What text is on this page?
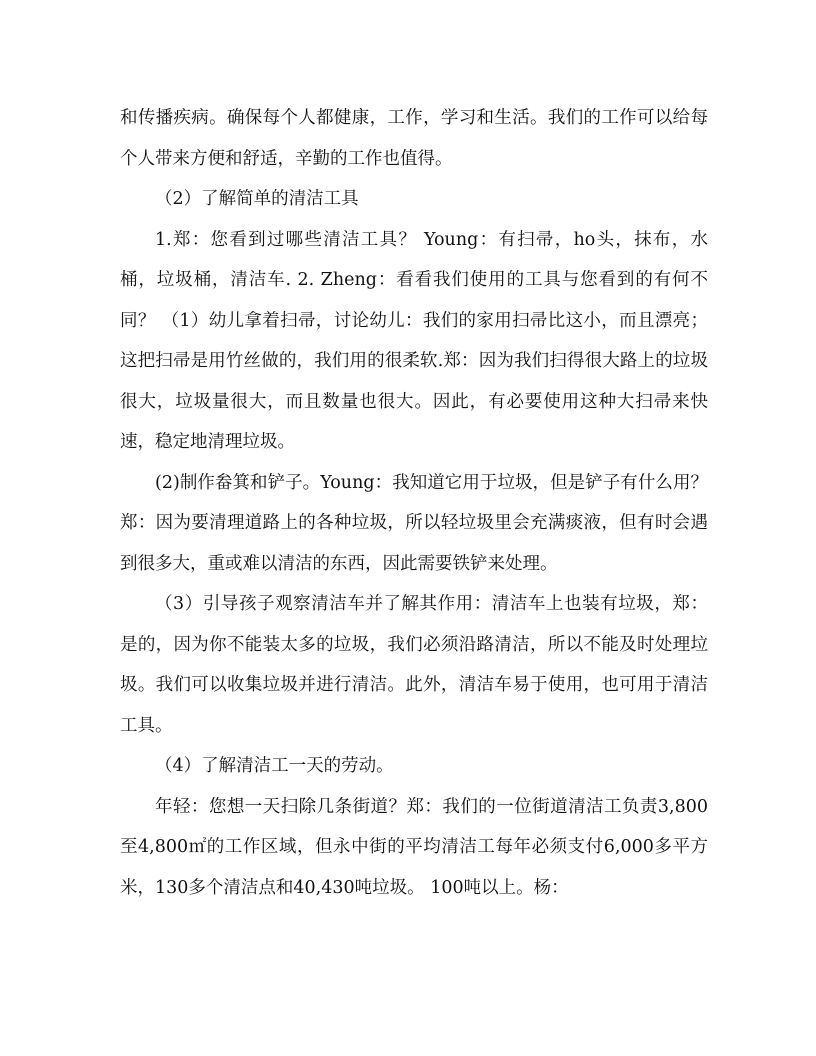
和传播疾病。确保每个人都健康，工作，学习和生活。我们的工作可以给每个人带来方便和舒适，辛勤的工作也值得。

（2）了解简单的清洁工具

1.郑：您看到过哪些清洁工具？ Young：有扫帚，ho头，抹布，水桶，垃圾桶，清洁车. 2. Zheng：看看我们使用的工具与您看到的有何不同？ （1）幼儿拿着扫帚，讨论幼儿：我们的家用扫帚比这小，而且漂亮；这把扫帚是用竹丝做的，我们用的很柔软.郑：因为我们扫得很大路上的垃圾很大，垃圾量很大，而且数量也很大。因此，有必要使用这种大扫帚来快速，稳定地清理垃圾。

(2)制作畚箕和铲子。Young：我知道它用于垃圾，但是铲子有什么用？郑：因为要清理道路上的各种垃圾，所以轻垃圾里会充满痰液，但有时会遇到很多大，重或难以清洁的东西，因此需要铁铲来处理。

（3）引导孩子观察清洁车并了解其作用：清洁车上也装有垃圾，郑：是的，因为你不能装太多的垃圾，我们必须沿路清洁，所以不能及时处理垃圾。我们可以收集垃圾并进行清洁。此外，清洁车易于使用，也可用于清洁工具。

（4）了解清洁工一天的劳动。

年轻：您想一天扫除几条街道？郑：我们的一位街道清洁工负责3,800至4,800㎡的工作区域，但永中街的平均清洁工每年必须支付6,000多平方米，130多个清洁点和40,430吨垃圾。 100吨以上。杨：
